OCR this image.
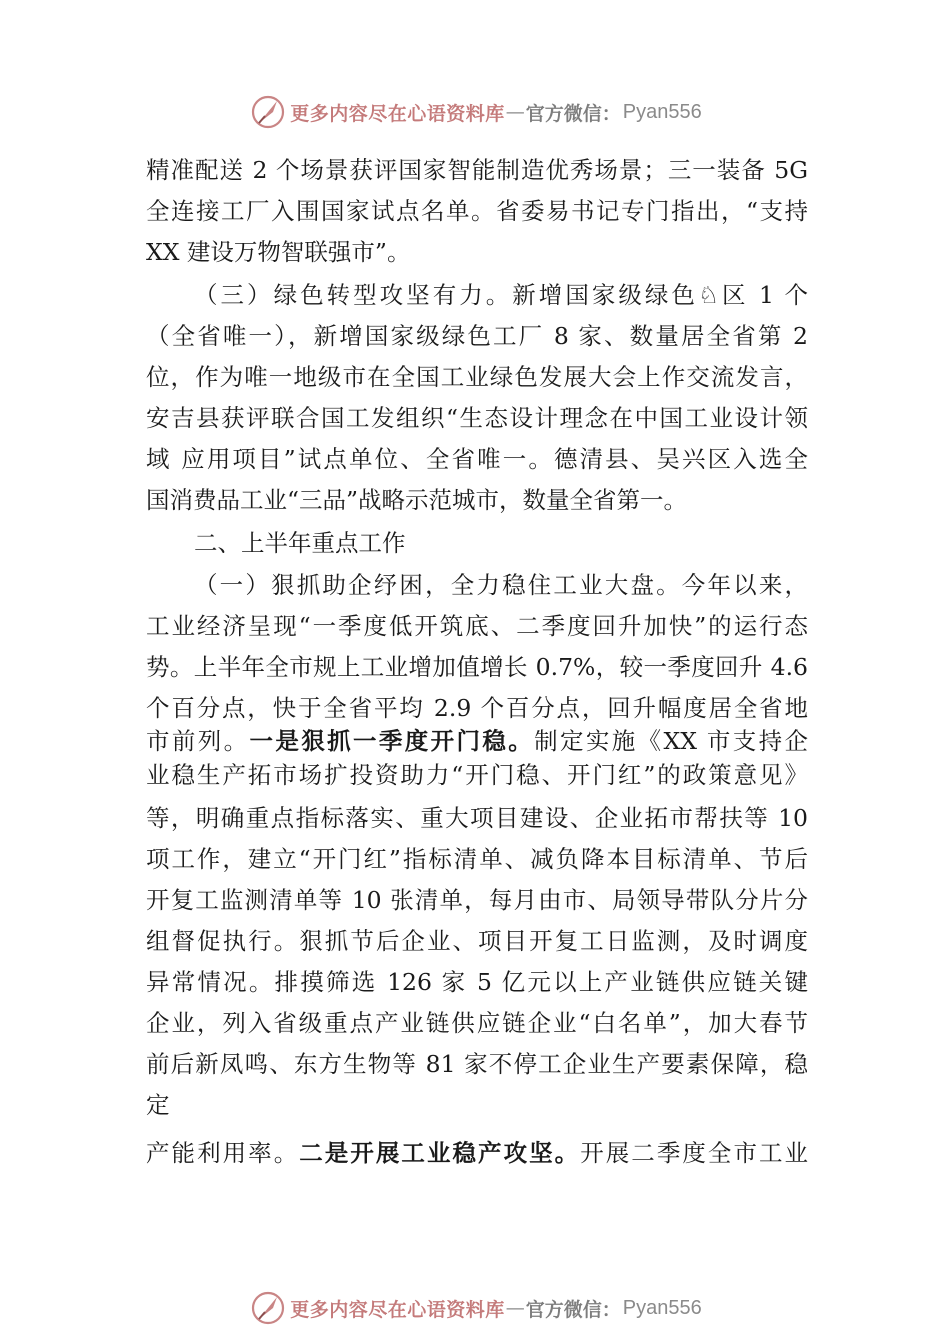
更多内容尽在心语资料库 — 官方微信： Pyan556
精准配送 2 个场景获评国家智能制造优秀场景；三一装备 5G
全连接工厂入围国家试点名单。省委易书记专门指出，“支持
XX 建设万物智联强市”。
（三）绿色转型攻坚有力。新增国家级绿色♘区 1 个
（全省唯一），新增国家级绿色工厂 8 家、数量居全省第 2
位，作为唯一地级市在全国工业绿色发展大会上作交流发言，
安吉县获评联合国工发组织“生态设计理念在中国工业设计领
域 应用项目”试点单位、全省唯一。德清县、吴兴区入选全
国消费品工业“三品”战略示范城市，数量全省第一。
二、上半年重点工作
（一）狠抓助企纾困，全力稳住工业大盘。今年以来，
工业经济呈现“一季度低开筑底、二季度回升加快”的运行态
势。上半年全市规上工业增加值增长 0.7%，较一季度回升 4.6
个百分点，快于全省平均 2.9 个百分点，回升幅度居全省地
市前列。一是狠抓一季度开门稳。制定实施《XX 市支持企
业稳生产拓市场扩投资助力“开门稳、开门红”的政策意见》
等，明确重点指标落实、重大项目建设、企业拓市帮扶等 10
项工作，建立“开门红”指标清单、减负降本目标清单、节后
开复工监测清单等 10 张清单，每月由市、局领导带队分片分
组督促执行。狠抓节后企业、项目开复工日监测，及时调度
异常情况。排摸筛选 126 家 5 亿元以上产业链供应链关键
企业，列入省级重点产业链供应链企业“白名单”，加大春节
前后新凤鸣、东方生物等 81 家不停工企业生产要素保障，稳
定
产能利用率。二是开展工业稳产攻坚。开展二季度全市工业
更多内容尽在心语资料库 — 官方微信： Pyan556
